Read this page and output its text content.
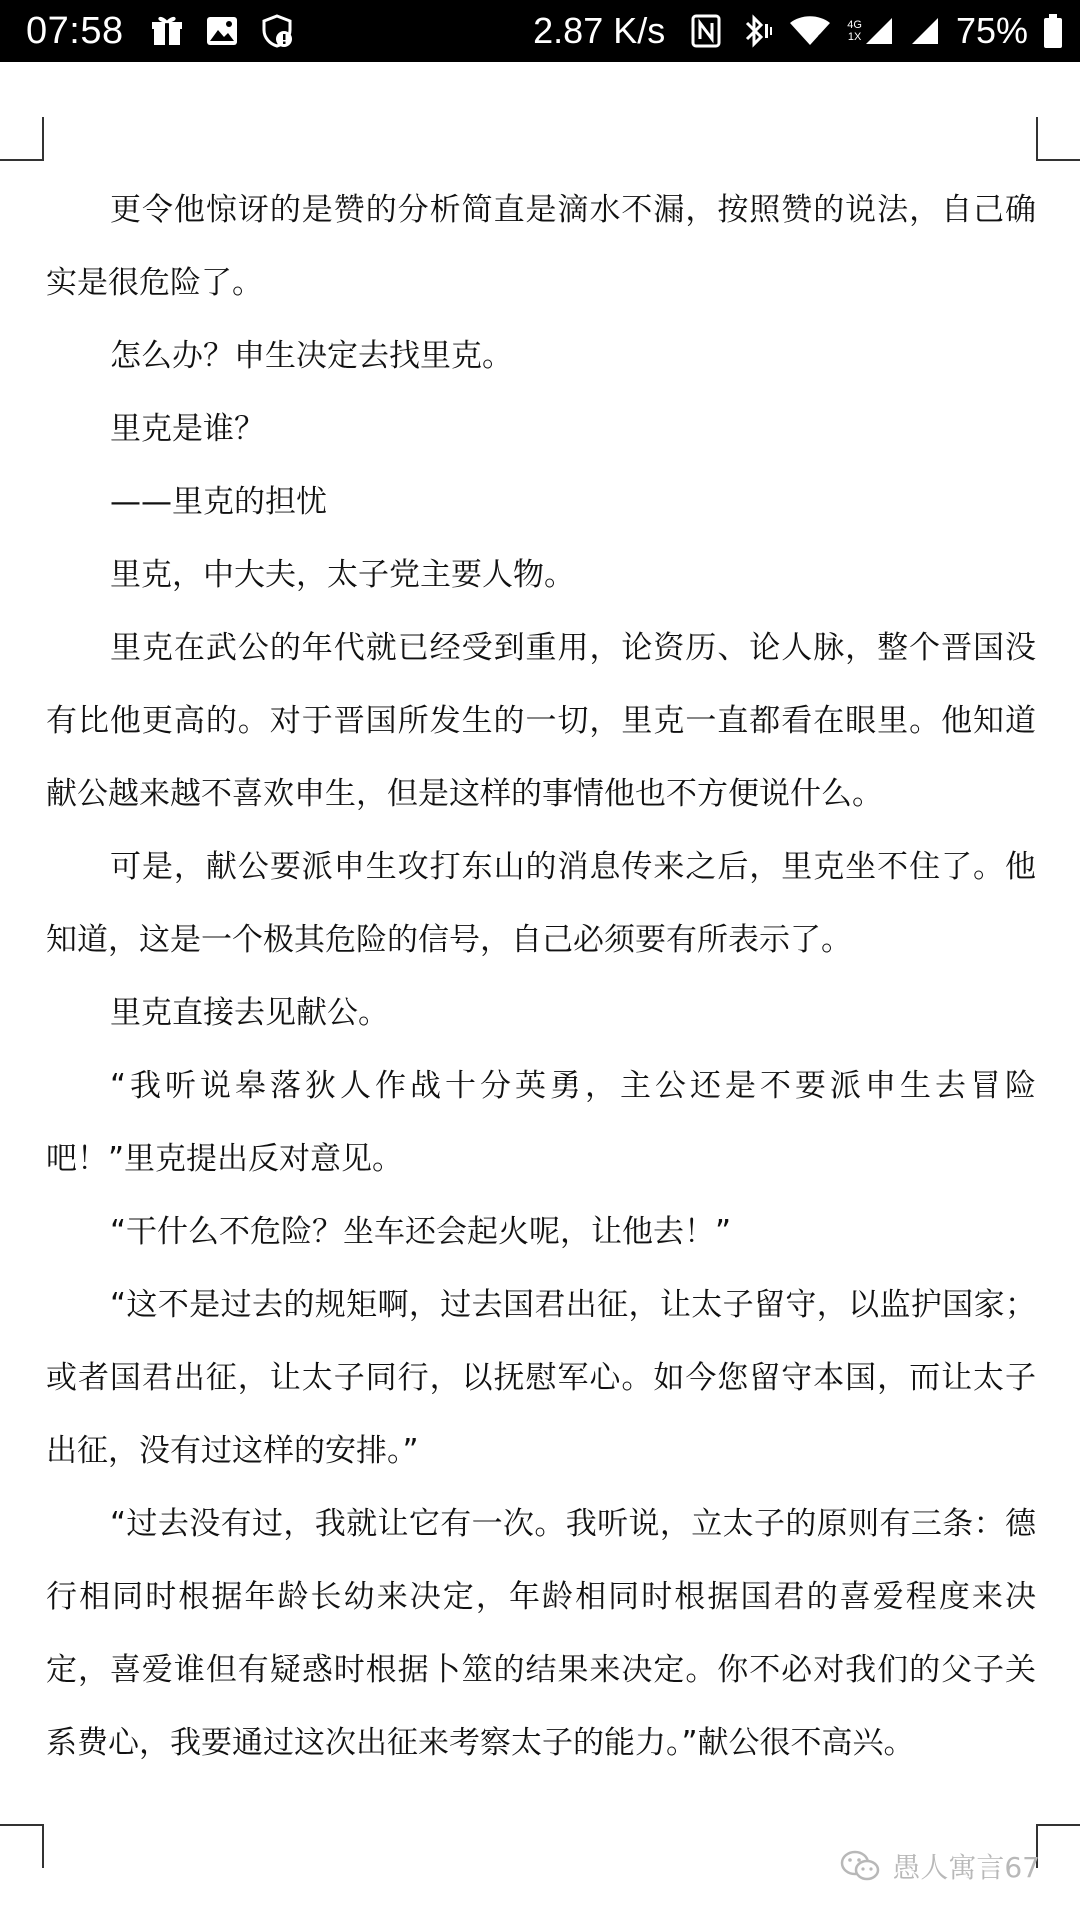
07:58	2.87 K/s	4G
1X	75%

更令他惊讶的是赞的分析简直是滴水不漏，按照赞的说法，自己确实是很危险了。

怎么办？申生决定去找里克。

里克是谁？

——里克的担忧

里克，中大夫，太子党主要人物。

里克在武公的年代就已经受到重用，论资历、论人脉，整个晋国没有比他更高的。对于晋国所发生的一切，里克一直都看在眼里。他知道献公越来越不喜欢申生，但是这样的事情他也不方便说什么。

可是，献公要派申生攻打东山的消息传来之后，里克坐不住了。他知道，这是一个极其危险的信号，自己必须要有所表示了。

里克直接去见献公。

“我听说皋落狄人作战十分英勇，主公还是不要派申生去冒险吧！”里克提出反对意见。

“干什么不危险？坐车还会起火呢，让他去！”

“这不是过去的规矩啊，过去国君出征，让太子留守，以监护国家；或者国君出征，让太子同行，以抚慰军心。如今您留守本国，而让太子出征，没有过这样的安排。”

“过去没有过，我就让它有一次。我听说，立太子的原则有三条：德行相同时根据年龄长幼来决定，年龄相同时根据国君的喜爱程度来决定，喜爱谁但有疑惑时根据卜筮的结果来决定。你不必对我们的父子关系费心，我要通过这次出征来考察太子的能力。”献公很不高兴。

愚人寓言67
